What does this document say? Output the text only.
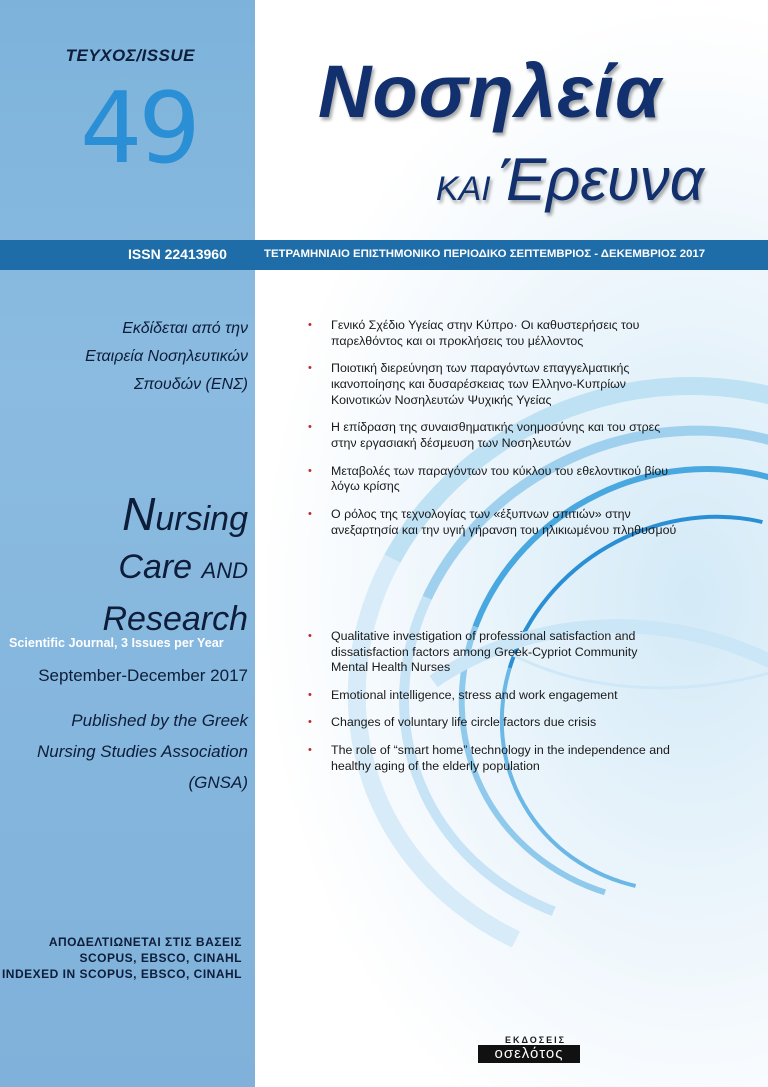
ΤΕΥΧΟΣ/ISSUE
49 Νοσηλεία
ΚΑΙ Έρευνα
ISSN 22413960	ΤΕΤΡΑΜΗΝΙΑΙΟ ΕΠΙΣΤΗΜΟΝΙΚΟ ΠΕΡΙΟΔΙΚΟ ΣΕΠΤΕΜΒΡΙΟΣ - ΔΕΚΕΜΒΡΙΟΣ 2017
Εκδίδεται από την
Εταιρεία Νοσηλευτικών
Σπουδών (ΕΝΣ)
Nursing
Care AND
Research
Scientific Journal, 3 Issues per Year
September-December 2017
Published by the Greek
Nursing Studies Association
(GNSA)
ΑΠΟΔΕΛΤΙΩΝΕΤΑΙ ΣΤΙΣ ΒΑΣΕΙΣ
SCOPUS, EBSCO, CINAHL
INDEXED IN SCOPUS, EBSCO, CINAHL
• Γενικό Σχέδιο Υγείας στην Κύπρο· Οι καθυστερήσεις του παρελθόντος και οι προκλήσεις του μέλλοντος
• Ποιοτική διερεύνηση των παραγόντων επαγγελματικής ικανοποίησης και δυσαρέσκειας των Ελληνο-Κυπρίων Κοινοτικών Νοσηλευτών Ψυχικής Υγείας
• Η επίδραση της συναισθηματικής νοημοσύνης και του στρες στην εργασιακή δέσμευση των Νοσηλευτών
• Μεταβολές των παραγόντων του κύκλου του εθελοντικού βίου λόγω κρίσης
• Ο ρόλος της τεχνολογίας των «έξυπνων σπιτιών» στην ανεξαρτησία και την υγιή γήρανση του ηλικιωμένου πληθυσμού
• Qualitative investigation of professional satisfaction and dissatisfaction factors among Greek-Cypriot Community Mental Health Nurses
• Emotional intelligence, stress and work engagement
• Changes of voluntary life circle factors due crisis
• The role of “smart home” technology in the independence and healthy aging of the elderly population
ΕΚΔΟΣΕΙΣ
οσελότος
